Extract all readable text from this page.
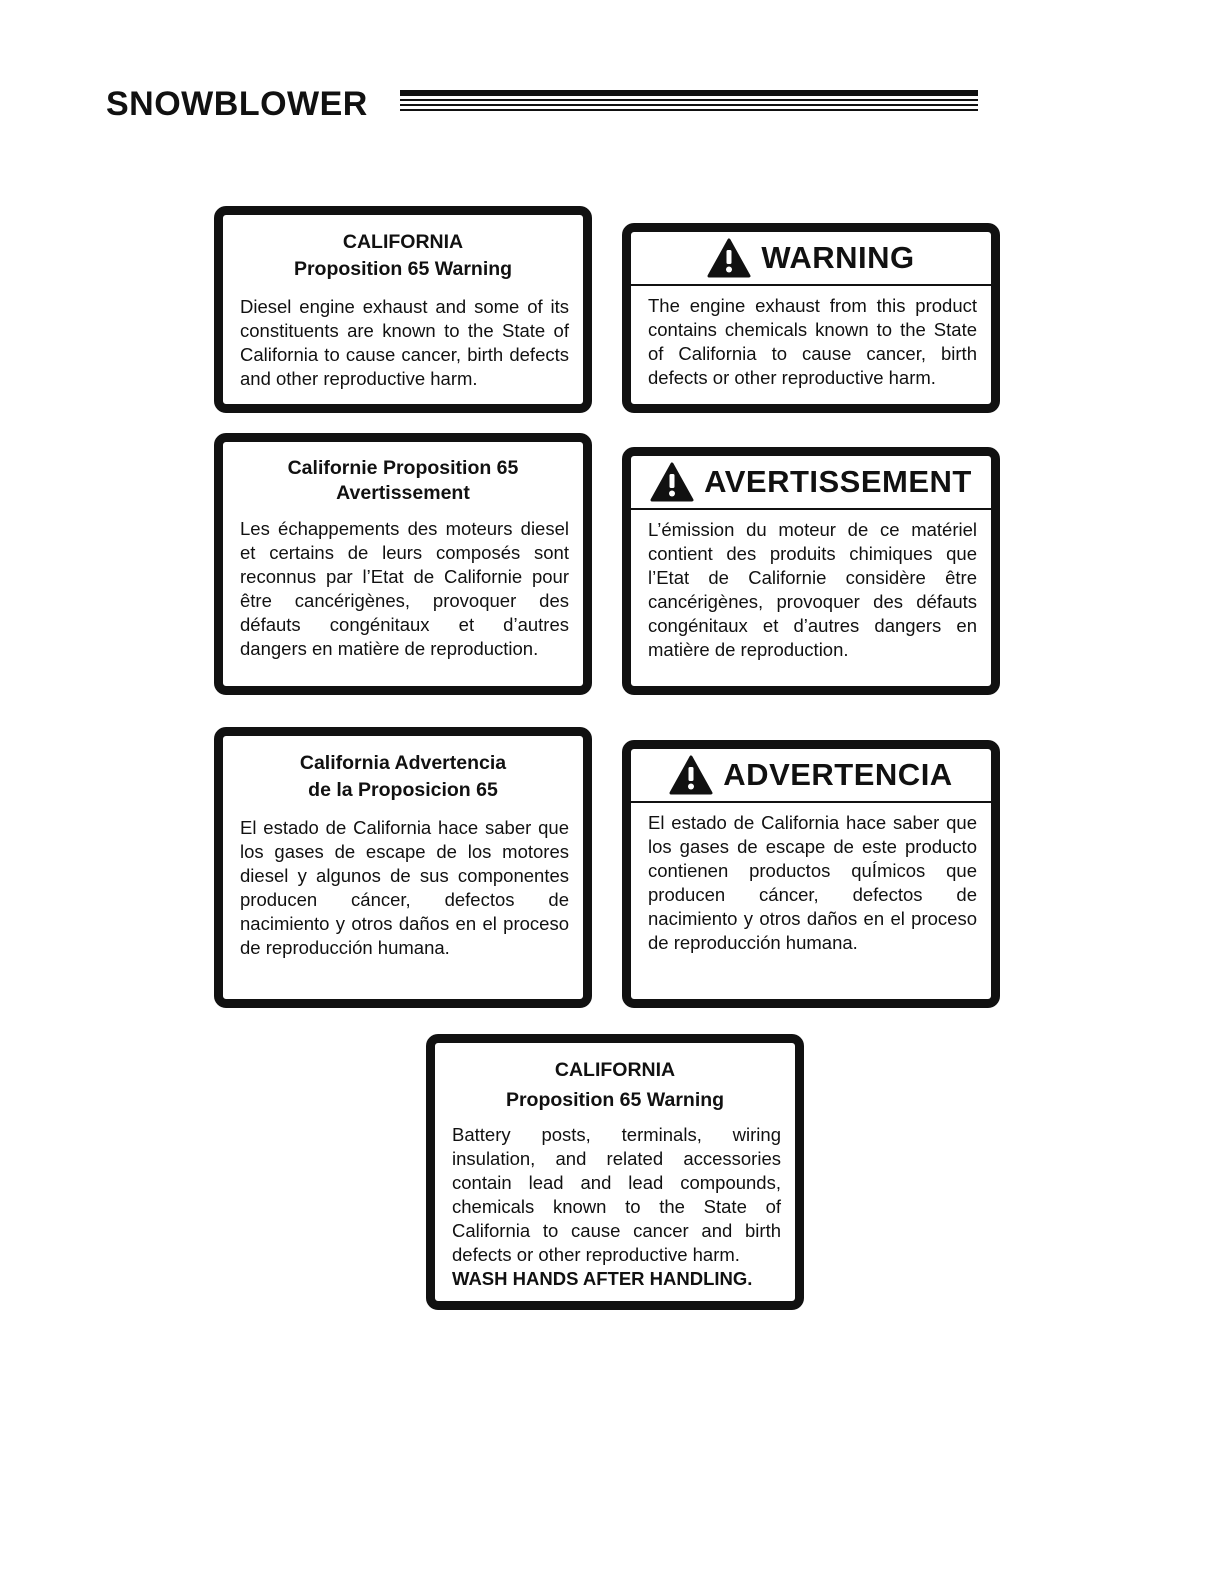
SNOWBLOWER

CALIFORNIA
Proposition 65 Warning

Diesel engine exhaust and some of its constituents are known to the State of California to cause cancer, birth defects and other reproductive harm.

WARNING

The engine exhaust from this product contains chemicals known to the State of California to cause cancer, birth defects or other reproductive harm.

Californie Proposition 65
Avertissement

Les échappements des moteurs diesel et certains de leurs composés sont reconnus par l’Etat de Californie pour être cancérigènes, provoquer des défauts congénitaux et d’autres dangers en matière de reproduction.

AVERTISSEMENT

L’émission du moteur de ce matériel contient des produits chimiques que l’Etat de Californie considère être cancérigènes, provoquer des défauts congénitaux et d’autres dangers en matière de reproduction.

California Advertencia
de la Proposicion 65

El estado de California hace saber que los gases de escape de los motores diesel y algunos de sus componentes producen cáncer, defectos de nacimiento y otros daños en el proceso de reproducción humana.

ADVERTENCIA

El estado de California hace saber que los gases de escape de este producto contienen productos quÍmicos que producen cáncer, defectos de nacimiento y otros daños en el proceso de reproducción humana.

CALIFORNIA
Proposition 65 Warning

Battery posts, terminals, wiring insulation, and related accessories contain lead and lead compounds, chemicals known to the State of California to cause cancer and birth defects or other reproductive harm.

WASH HANDS AFTER HANDLING.
